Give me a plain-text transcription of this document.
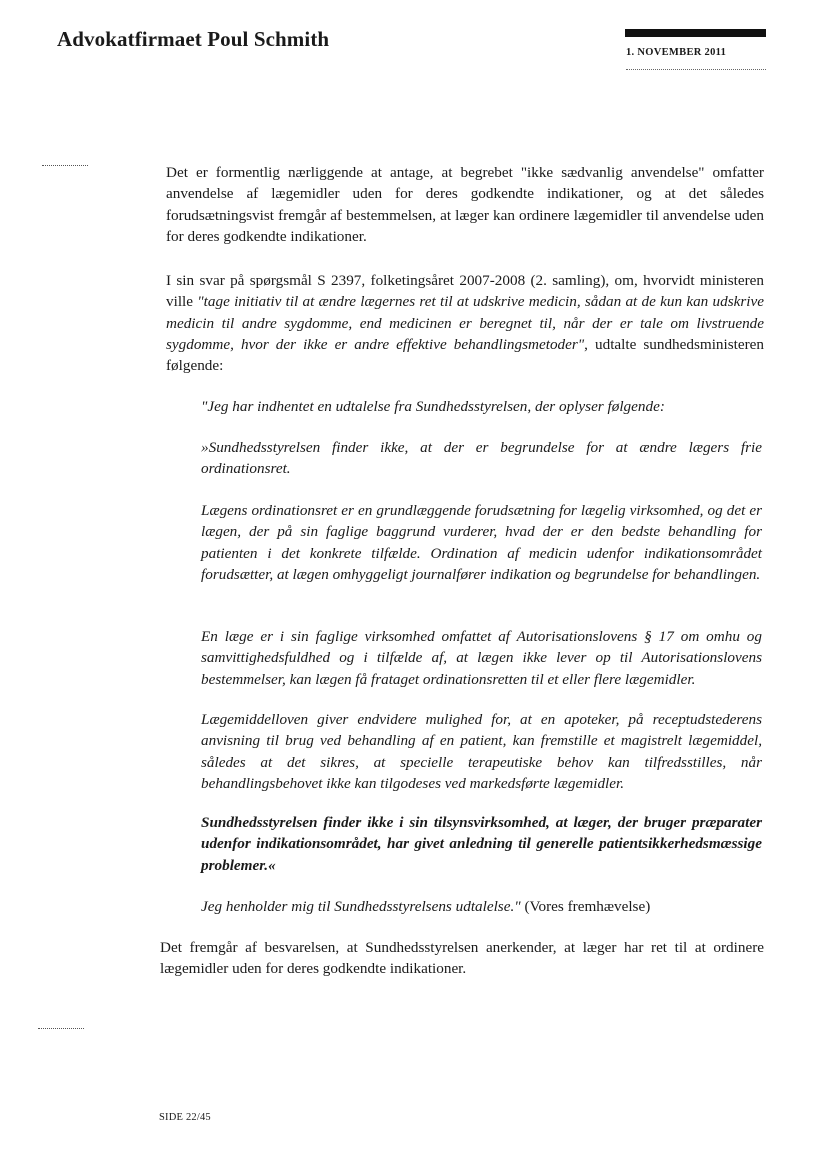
Advokatfirmaet Poul Schmith
1. NOVEMBER 2011

Det er formentlig nærliggende at antage, at begrebet "ikke sædvanlig anvendelse" omfatter anvendelse af lægemidler uden for deres godkendte indikationer, og at det således forudsætningsvist fremgår af bestemmelsen, at læger kan ordinere lægemidler til anvendelse uden for deres godkendte indikationer.

I sin svar på spørgsmål S 2397, folketingsåret 2007-2008 (2. samling), om, hvorvidt ministeren ville "tage initiativ til at ændre lægernes ret til at udskrive medicin, sådan at de kun kan udskrive medicin til andre sygdomme, end medicinen er beregnet til, når der er tale om livstruende sygdomme, hvor der ikke er andre effektive behandlingsmetoder", udtalte sundhedsministeren følgende:

"Jeg har indhentet en udtalelse fra Sundhedsstyrelsen, der oplyser følgende:

»Sundhedsstyrelsen finder ikke, at der er begrundelse for at ændre lægers frie ordinationsret.

Lægens ordinationsret er en grundlæggende forudsætning for lægelig virksomhed, og det er lægen, der på sin faglige baggrund vurderer, hvad der er den bedste behandling for patienten i det konkrete tilfælde. Ordination af medicin udenfor indikationsområdet forudsætter, at lægen omhyggeligt journalfører indikation og begrundelse for behandlingen.

En læge er i sin faglige virksomhed omfattet af Autorisationslovens § 17 om omhu og samvittighedsfuldhed og i tilfælde af, at lægen ikke lever op til Autorisationslovens bestemmelser, kan lægen få frataget ordinationsretten til et eller flere lægemidler.

Lægemiddelloven giver endvidere mulighed for, at en apoteker, på receptudstederens anvisning til brug ved behandling af en patient, kan fremstille et magistrelt lægemiddel, således at det sikres, at specielle terapeutiske behov kan tilfredsstilles, når behandlingsbehovet ikke kan tilgodeses ved markedsførte lægemidler.

Sundhedsstyrelsen finder ikke i sin tilsynsvirksomhed, at læger, der bruger præparater udenfor indikationsområdet, har givet anledning til generelle patientsikkerhedsmæssige problemer.«

Jeg henholder mig til Sundhedsstyrelsens udtalelse." (Vores fremhævelse)

Det fremgår af besvarelsen, at Sundhedsstyrelsen anerkender, at læger har ret til at ordinere lægemidler uden for deres godkendte indikationer.

SIDE 22/45
